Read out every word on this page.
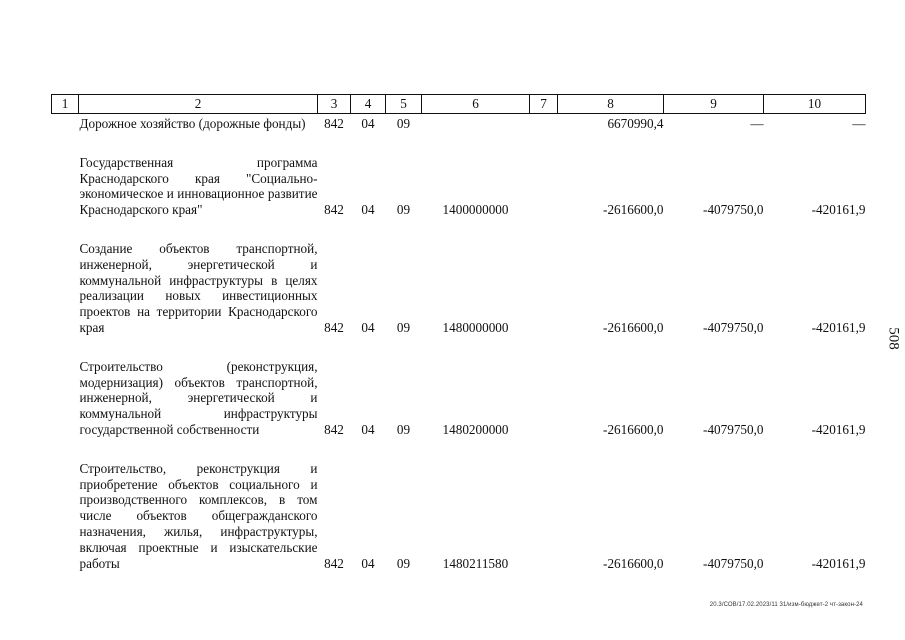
1	2	3	4	5	6	7	8	9	10
Дорожное хозяйство (дорожные фонды)		842	04	09			6670990,4	—	—
Государственная программа Краснодарского края "Социально-экономическое и инновационное развитие Краснодарского края"		842	04	09	1400000000		-2616600,0	-4079750,0	-420161,9
Создание объектов транспортной, инженерной, энергетической и коммунальной инфраструктуры в целях реализации новых инвестиционных проектов на территории Краснодарского края		842	04	09	1480000000		-2616600,0	-4079750,0	-420161,9
Строительство (реконструкция, модернизация) объектов транспортной, инженерной, энергетической и коммунальной инфраструктуры государственной собственности		842	04	09	1480200000		-2616600,0	-4079750,0	-420161,9
Строительство, реконструкция и приобретение объектов социального и производственного комплексов, в том числе объектов общегражданского назначения, жилья, инфраструктуры, включая проектные и изыскательские работы		842	04	09	1480211580		-2616600,0	-4079750,0	-420161,9
508
20.3/СОВ/17.02.2023/11 31/изм-бюджет-2 чт-закон-24
